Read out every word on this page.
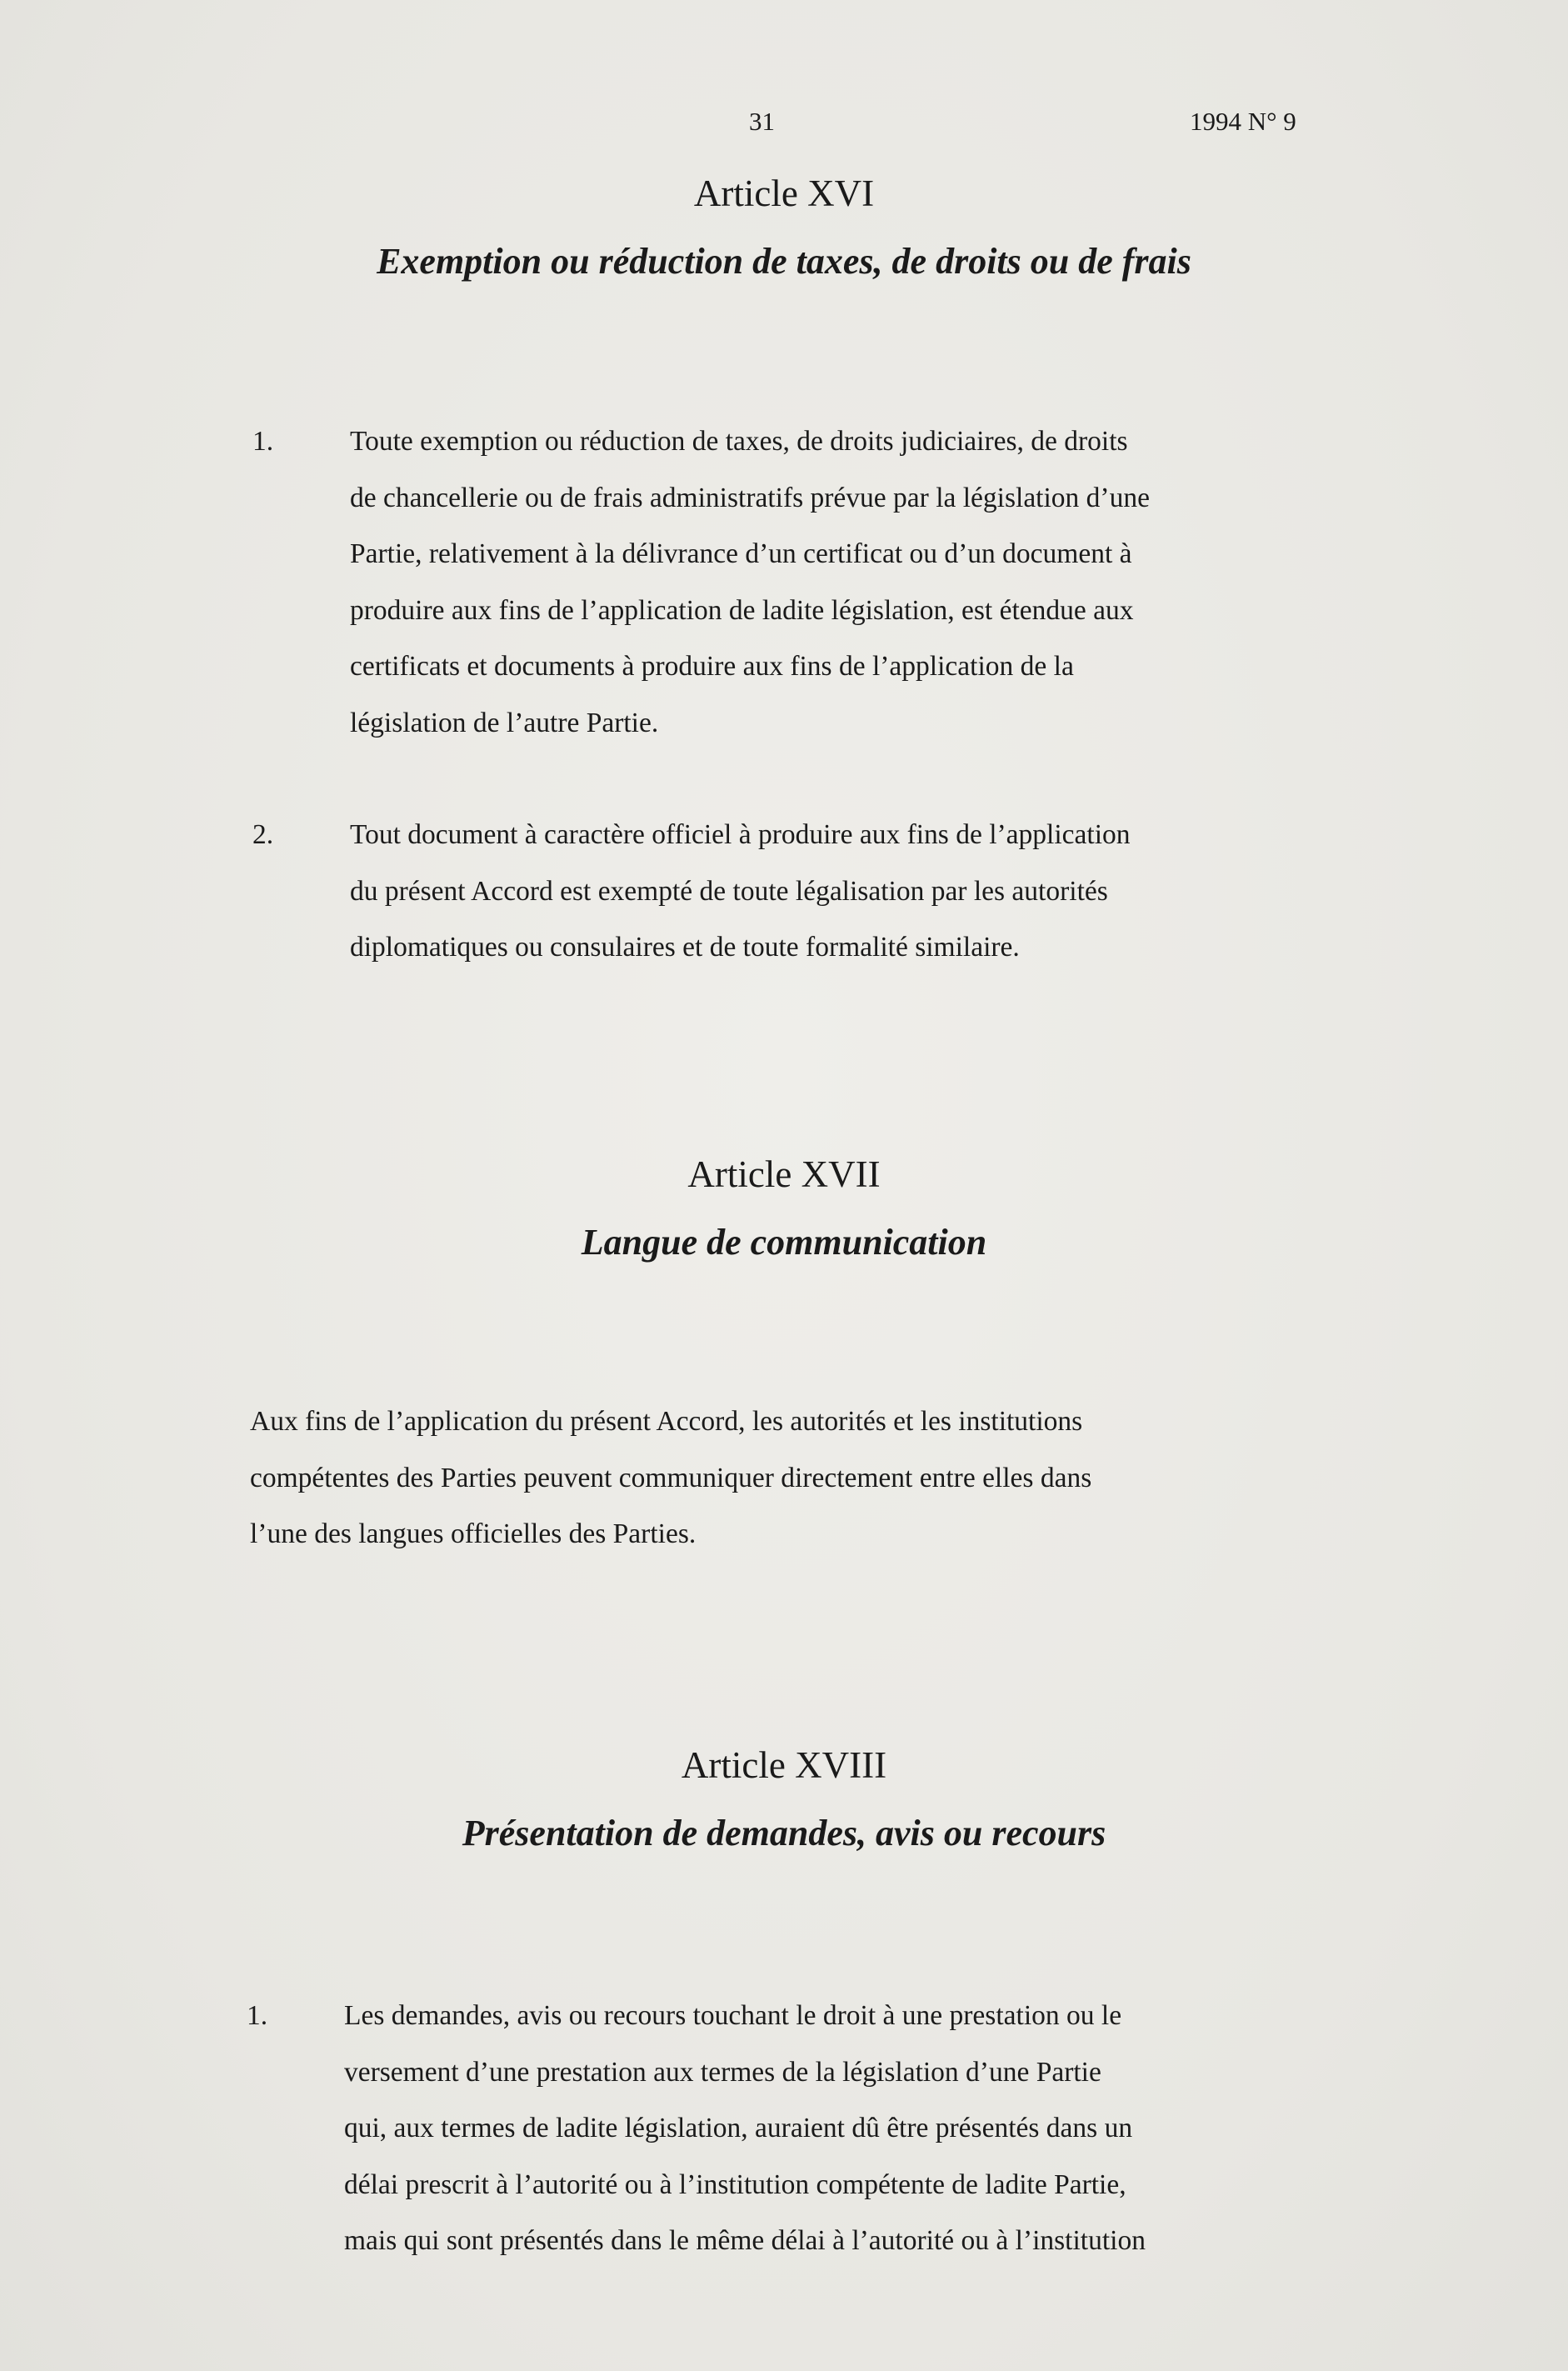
31	1994 N° 9
Article XVI
Exemption ou réduction de taxes, de droits ou de frais
1.	Toute exemption ou réduction de taxes, de droits judiciaires, de droits
de chancellerie ou de frais administratifs prévue par la législation d’une
Partie, relativement à la délivrance d’un certificat ou d’un document à
produire aux fins de l’application de ladite législation, est étendue aux
certificats et documents à produire aux fins de l’application de la
législation de l’autre Partie.
2.	Tout document à caractère officiel à produire aux fins de l’application
du présent Accord est exempté de toute légalisation par les autorités
diplomatiques ou consulaires et de toute formalité similaire.
Article XVII
Langue de communication
Aux fins de l’application du présent Accord, les autorités et les institutions
compétentes des Parties peuvent communiquer directement entre elles dans
l’une des langues officielles des Parties.
Article XVIII
Présentation de demandes, avis ou recours
1.	Les demandes, avis ou recours touchant le droit à une prestation ou le
versement d’une prestation aux termes de la législation d’une Partie
qui, aux termes de ladite législation, auraient dû être présentés dans un
délai prescrit à l’autorité ou à l’institution compétente de ladite Partie,
mais qui sont présentés dans le même délai à l’autorité ou à l’institution
